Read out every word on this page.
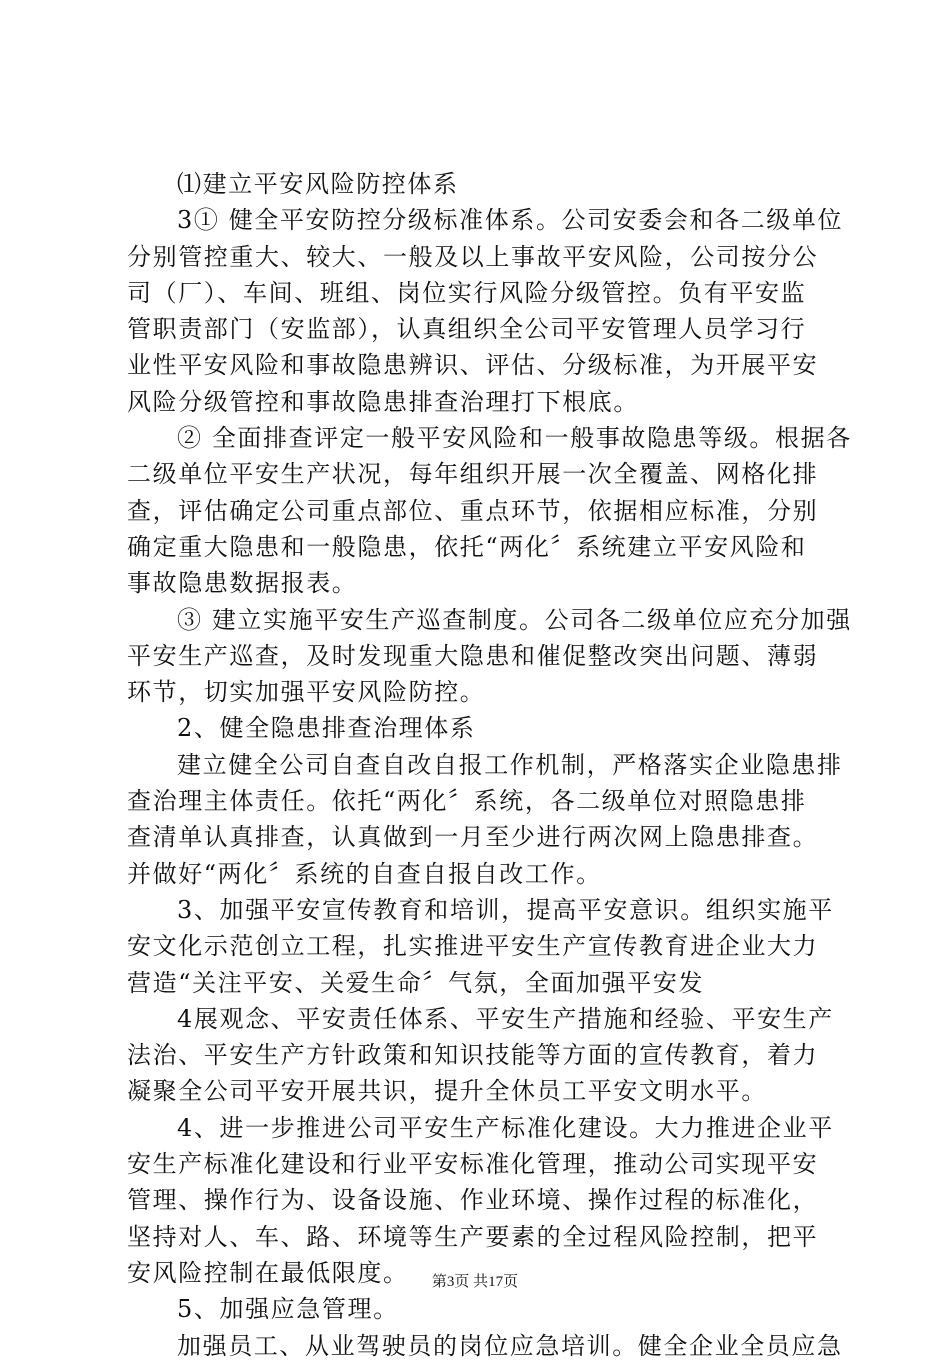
⑴建立平安风险防控体系
3① 健全平安防控分级标准体系。公司安委会和各二级单位
分别管控重大、较大、一般及以上事故平安风险，公司按分公
司（厂）、车间、班组、岗位实行风险分级管控。负有平安监
管职责部门（安监部），认真组织全公司平安管理人员学习行
业性平安风险和事故隐患辨识、评估、分级标准，为开展平安
风险分级管控和事故隐患排查治理打下根底。
② 全面排查评定一般平安风险和一般事故隐患等级。根据各
二级单位平安生产状况，每年组织开展一次全覆盖、网格化排
查，评估确定公司重点部位、重点环节，依据相应标准，分别
确定重大隐患和一般隐患，依托“两化〞系统建立平安风险和
事故隐患数据报表。
③ 建立实施平安生产巡查制度。公司各二级单位应充分加强
平安生产巡查，及时发现重大隐患和催促整改突出问题、薄弱
环节，切实加强平安风险防控。
2、健全隐患排查治理体系
建立健全公司自查自改自报工作机制，严格落实企业隐患排
查治理主体责任。依托“两化〞系统，各二级单位对照隐患排
查清单认真排查，认真做到一月至少进行两次网上隐患排查。
并做好“两化〞系统的自查自报自改工作。
3、加强平安宣传教育和培训，提高平安意识。组织实施平
安文化示范创立工程，扎实推进平安生产宣传教育进企业大力
营造“关注平安、关爱生命〞气氛，全面加强平安发
4展观念、平安责任体系、平安生产措施和经验、平安生产
法治、平安生产方针政策和知识技能等方面的宣传教育，着力
凝聚全公司平安开展共识，提升全休员工平安文明水平。
4、进一步推进公司平安生产标准化建设。大力推进企业平
安生产标准化建设和行业平安标准化管理，推动公司实现平安
管理、操作行为、设备设施、作业环境、操作过程的标准化，
坚持对人、车、路、环境等生产要素的全过程风险控制，把平
安风险控制在最低限度。
5、加强应急管理。
加强员工、从业驾驶员的岗位应急培训。健全企业全员应急
第3页 共17页
